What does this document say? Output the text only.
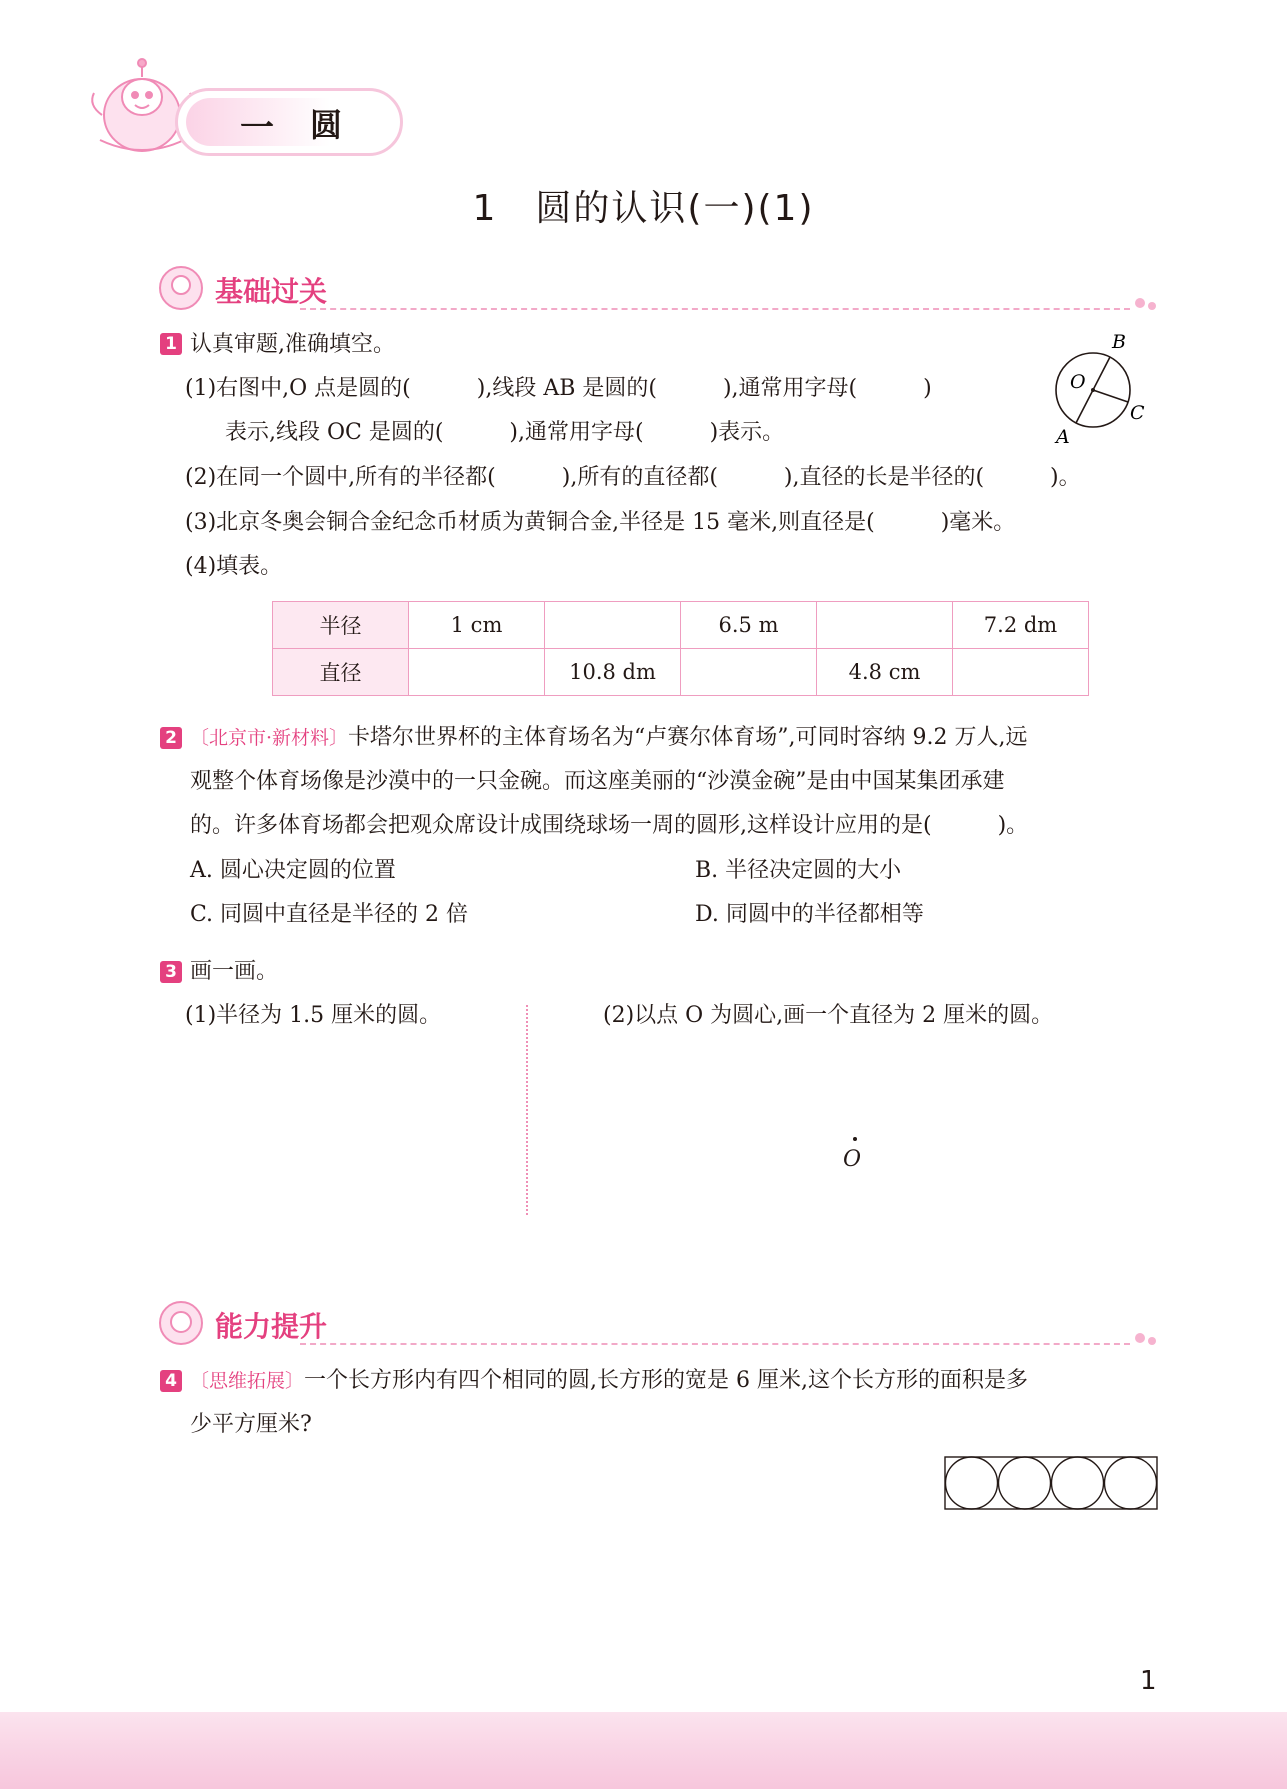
一 圆
1　圆的认识(一)(1)
基础过关
1 认真审题,准确填空。
(1)右图中,O 点是圆的(　　　),线段 AB 是圆的(　　　),通常用字母(　　　)
表示,线段 OC 是圆的(　　　),通常用字母(　　　)表示。
(2)在同一个圆中,所有的半径都(　　　),所有的直径都(　　　),直径的长是半径的(　　　)。
(3)北京冬奥会铜合金纪念币材质为黄铜合金,半径是 15 毫米,则直径是(　　　)毫米。
(4)填表。
O
B
C
A
半径	1 cm		6.5 m		7.2 dm
直径		10.8 dm		4.8 cm	
2 〔北京市·新材料〕卡塔尔世界杯的主体育场名为“卢赛尔体育场”,可同时容纳 9.2 万人,远
观整个体育场像是沙漠中的一只金碗。而这座美丽的“沙漠金碗”是由中国某集团承建
的。许多体育场都会把观众席设计成围绕球场一周的圆形,这样设计应用的是(　　　)。
A. 圆心决定圆的位置	B. 半径决定圆的大小
C. 同圆中直径是半径的 2 倍	D. 同圆中的半径都相等
3 画一画。
(1)半径为 1.5 厘米的圆。	(2)以点 O 为圆心,画一个直径为 2 厘米的圆。
O
能力提升
4 〔思维拓展〕一个长方形内有四个相同的圆,长方形的宽是 6 厘米,这个长方形的面积是多
少平方厘米?
1
